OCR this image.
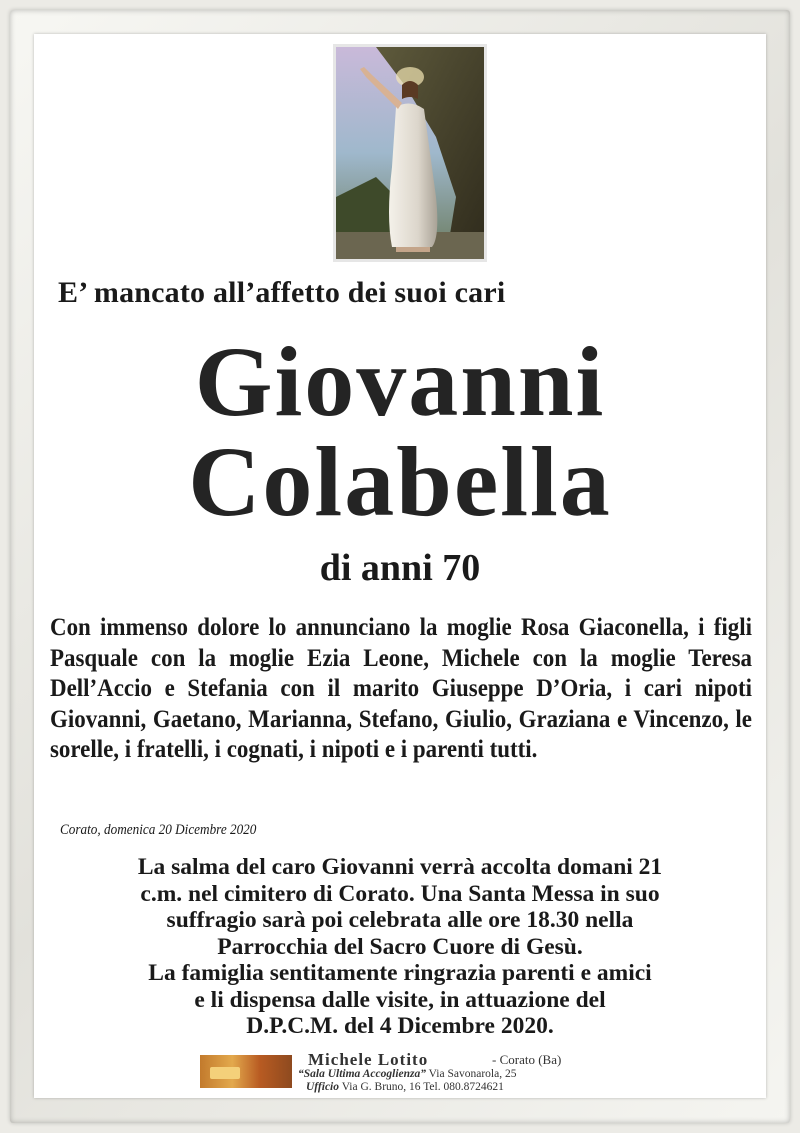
E’ mancato all’affetto dei suoi cari
Giovanni
Colabella
di anni 70
Con immenso dolore lo annunciano la moglie Rosa Giaconella, i figli Pasquale con la moglie Ezia Leone, Michele con la moglie Teresa Dell’Accio e Stefania con il marito Giuseppe D’Oria, i cari nipoti Giovanni, Gaetano, Marianna, Stefano, Giulio, Graziana e Vincenzo, le sorelle, i fratelli, i cognati, i nipoti e i parenti tutti.
Corato, domenica 20 Dicembre 2020
La salma del caro Giovanni verrà accolta domani 21
c.m. nel cimitero di Corato. Una Santa Messa in suo
suffragio sarà poi celebrata alle ore 18.30 nella
Parrocchia del Sacro Cuore di Gesù.
La famiglia sentitamente ringrazia parenti e amici
e li dispensa dalle visite, in attuazione del
D.P.C.M. del 4 Dicembre 2020.
Michele Lotito	- Corato (Ba)
“Sala Ultima Accoglienza” Via Savonarola, 25
Ufficio Via G. Bruno, 16 Tel. 080.8724621
